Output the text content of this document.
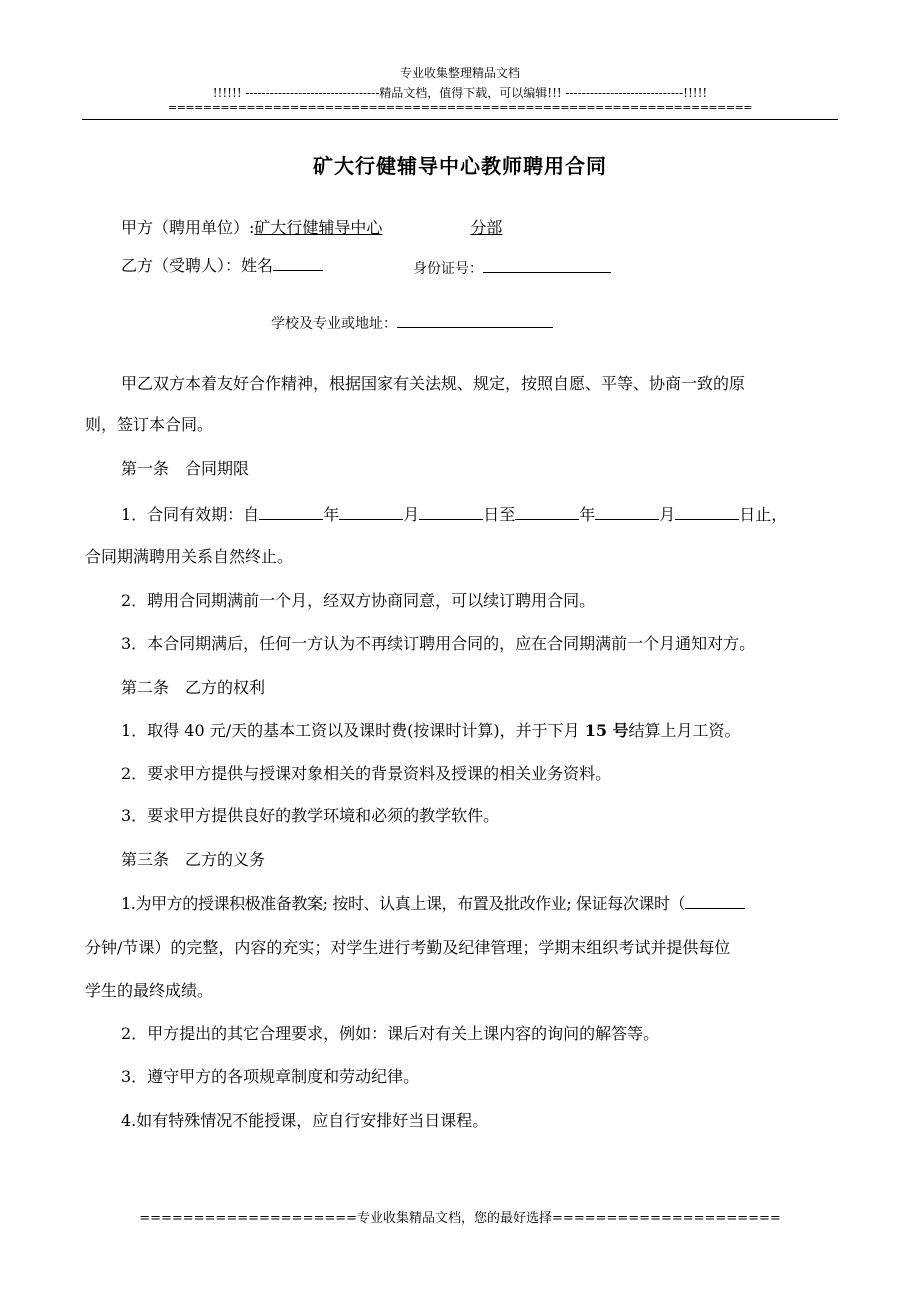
专业收集整理精品文档
!!!!!! ---------------------------------精品文档，值得下载，可以编辑!!! -----------------------------!!!!!
===================================================================
矿大行健辅导中心教师聘用合同
甲方（聘用单位）:矿大行健辅导中心	分部
乙方（受聘人）：姓名	身份证号：
学校及专业或地址：
甲乙双方本着友好合作精神，根据国家有关法规、规定，按照自愿、平等、协商一致的原
则，签订本合同。
第一条　合同期限
1．合同有效期：自	年	月	日至	年	月	日止，
合同期满聘用关系自然终止。
2．聘用合同期满前一个月，经双方协商同意，可以续订聘用合同。
3．本合同期满后，任何一方认为不再续订聘用合同的，应在合同期满前一个月通知对方。
第二条　乙方的权利
1．取得 40 元/天的基本工资以及课时费(按课时计算)，并于下月 15 号结算上月工资。
2．要求甲方提供与授课对象相关的背景资料及授课的相关业务资料。
3．要求甲方提供良好的教学环境和必须的教学软件。
第三条　乙方的义务
1.为甲方的授课积极准备教案; 按时、认真上课，布置及批改作业; 保证每次课时（
分钟/节课）的完整，内容的充实；对学生进行考勤及纪律管理；学期末组织考试并提供每位
学生的最终成绩。
2．甲方提出的其它合理要求，例如：课后对有关上课内容的询问的解答等。
3．遵守甲方的各项规章制度和劳动纪律。
4.如有特殊情况不能授课，应自行安排好当日课程。
====================专业收集精品文档，您的最好选择=====================
